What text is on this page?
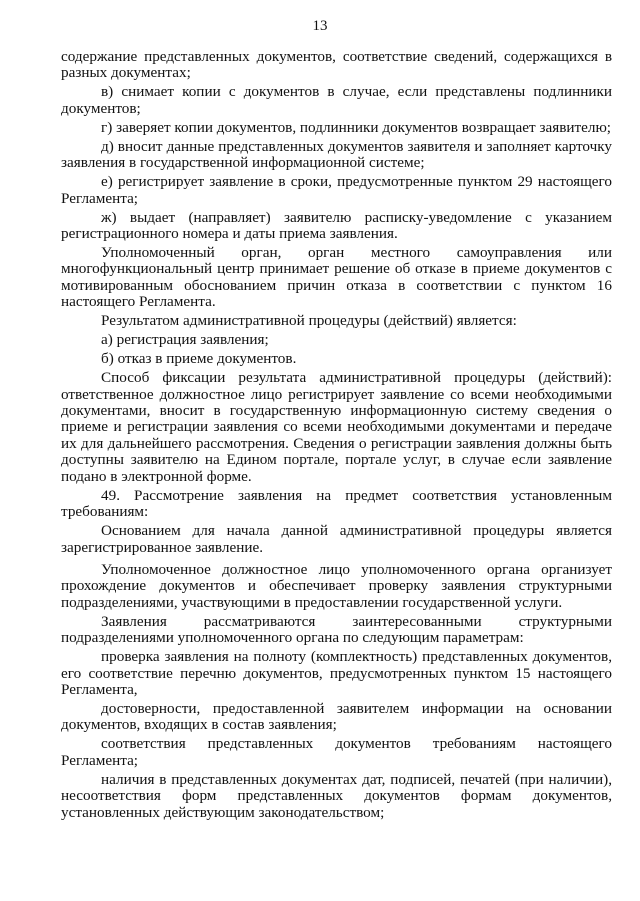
13

содержание представленных документов, соответствие сведений, содержащихся в разных документах;

в) снимает копии с документов в случае, если представлены подлинники документов;

г) заверяет копии документов, подлинники документов возвращает заявителю;

д) вносит данные представленных документов заявителя и заполняет карточку заявления в государственной информационной системе;

е) регистрирует заявление в сроки, предусмотренные пунктом 29 настоящего Регламента;

ж) выдает (направляет) заявителю расписку-уведомление с указанием регистрационного номера и даты приема заявления.

Уполномоченный орган, орган местного самоуправления или многофункциональный центр принимает решение об отказе в приеме документов с мотивированным обоснованием причин отказа в соответствии с пунктом 16 настоящего Регламента.

Результатом административной процедуры (действий) является:

а) регистрация заявления;

б) отказ в приеме документов.

Способ фиксации результата административной процедуры (действий): ответственное должностное лицо регистрирует заявление со всеми необходимыми документами, вносит в государственную информационную систему сведения о приеме и регистрации заявления со всеми необходимыми документами и передаче их для дальнейшего рассмотрения. Сведения о регистрации заявления должны быть доступны заявителю на Едином портале, портале услуг, в случае если заявление подано в электронной форме.

49. Рассмотрение заявления на предмет соответствия установленным требованиям:

Основанием для начала данной административной процедуры является зарегистрированное заявление.

Уполномоченное должностное лицо уполномоченного органа организует прохождение документов и обеспечивает проверку заявления структурными подразделениями, участвующими в предоставлении государственной услуги.

Заявления рассматриваются заинтересованными структурными подразделениями уполномоченного органа по следующим параметрам:

проверка заявления на полноту (комплектность) представленных документов, его соответствие перечню документов, предусмотренных пунктом 15 настоящего Регламента,

достоверности, предоставленной заявителем информации на основании документов, входящих в состав заявления;

соответствия представленных документов требованиям настоящего Регламента;

наличия в представленных документах дат, подписей, печатей (при наличии), несоответствия форм представленных документов формам документов, установленных действующим законодательством;
